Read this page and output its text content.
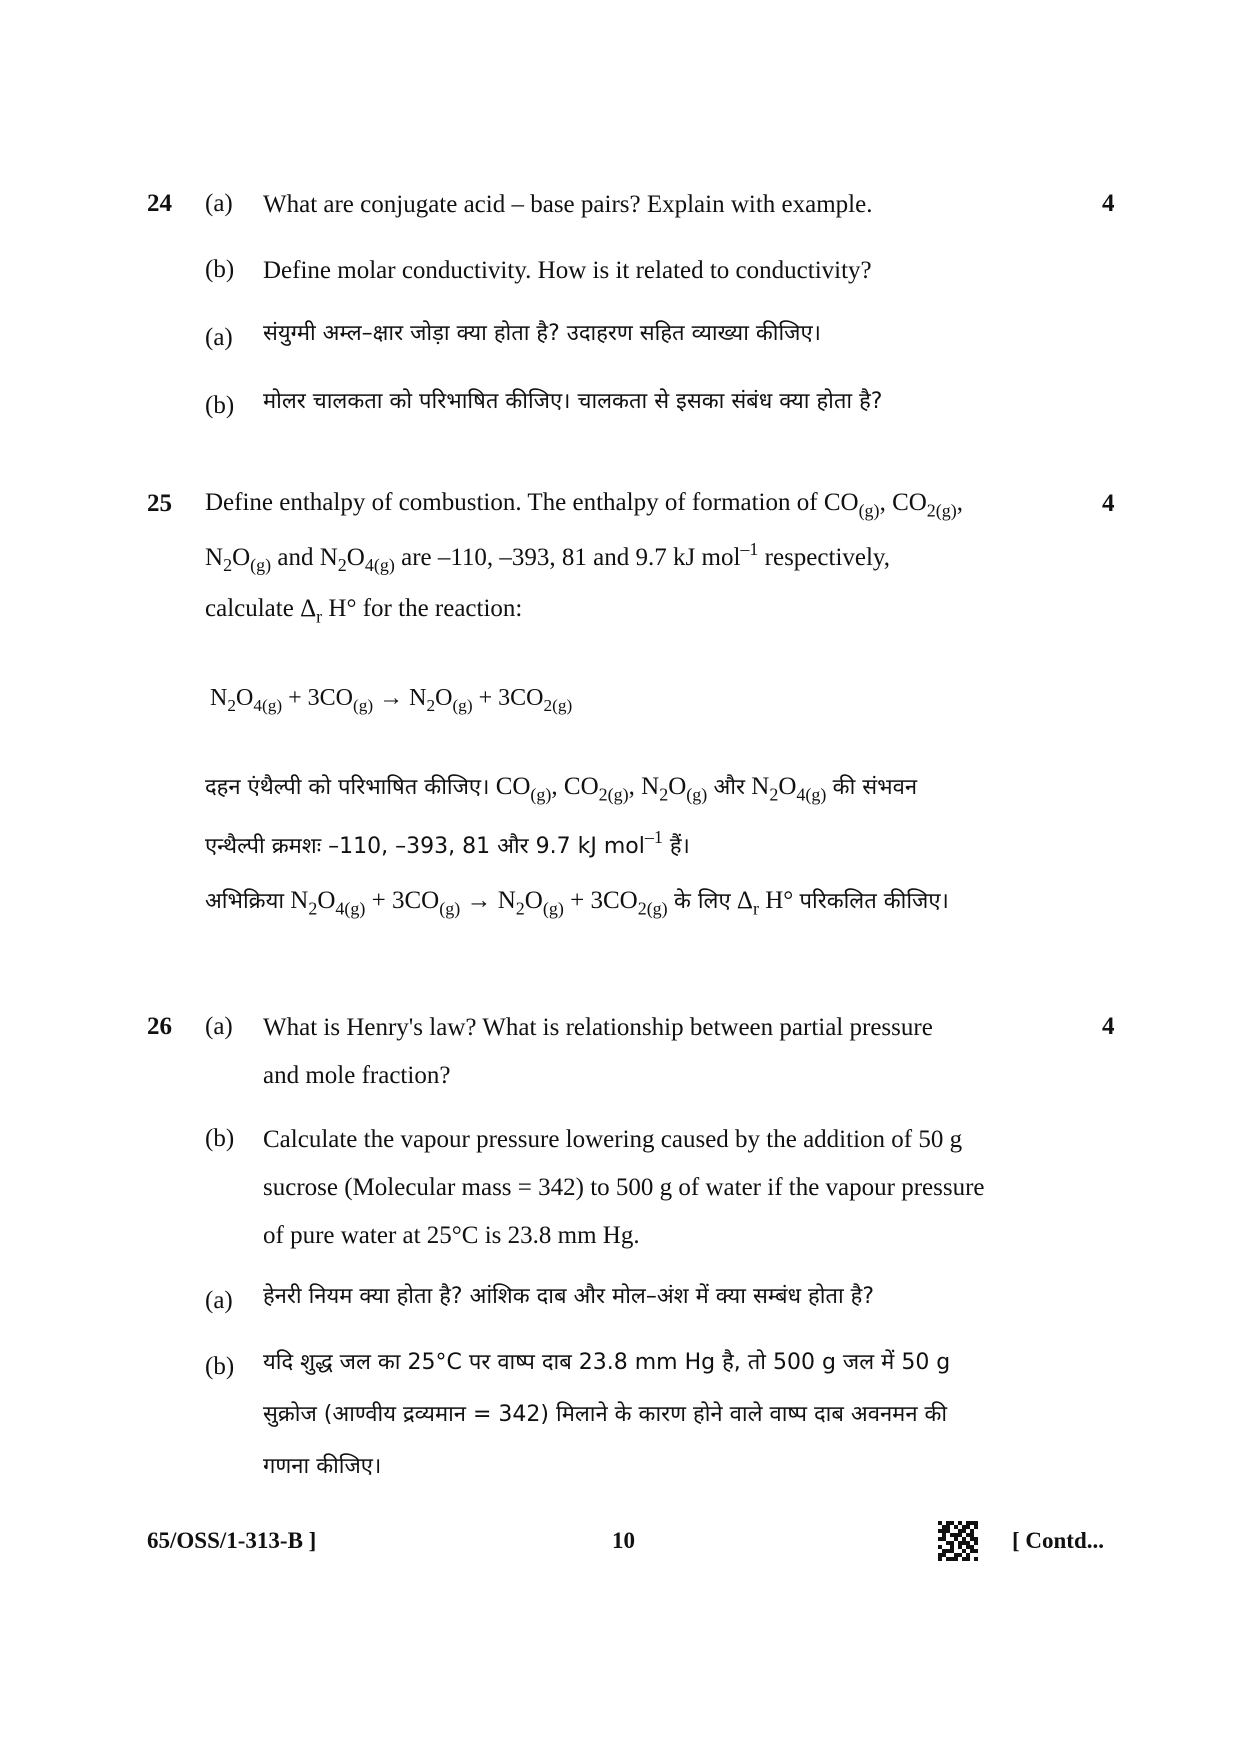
24 (a) What are conjugate acid – base pairs? Explain with example.	4
(b) Define molar conductivity. How is it related to conductivity?
(a) संयुग्मी अम्ल–क्षार जोड़ा क्या होता है? उदाहरण सहित व्याख्या कीजिए।
(b) मोलर चालकता को परिभाषित कीजिए। चालकता से इसका संबंध क्या होता है?
25	4
Define enthalpy of combustion. The enthalpy of formation of $CO_{(g)}$, $CO_{2(g)}$,
$N_2O_{(g)}$ and $N_2O_{4(g)}$ are –110, –393, 81 and 9.7 kJ mol$^{-1}$ respectively,
calculate $\Delta_r$ H° for the reaction:
$N_2O_{4(g)} + 3CO_{(g)} \to N_2O_{(g)} + 3CO_{2(g)}$
दहन एंथैल्पी को परिभाषित कीजिए। $CO_{(g)}$, $CO_{2(g)}$, $N_2O_{(g)}$ और $N_2O_{4(g)}$ की संभवन
एन्थैल्पी क्रमशः –110, –393, 81 और 9.7 kJ mol$^{-1}$ हैं।
अभिक्रिया $N_2O_{4(g)} + 3CO_{(g)} \to N_2O_{(g)} + 3CO_{2(g)}$ के लिए $\Delta_r$ H° परिकलित कीजिए।
26 (a) What is Henry's law? What is relationship between partial pressure
and mole fraction?
4
(b) Calculate the vapour pressure lowering caused by the addition of 50 g
sucrose (Molecular mass = 342) to 500 g of water if the vapour pressure
of pure water at 25°C is 23.8 mm Hg.
(a) हेनरी नियम क्या होता है? आंशिक दाब और मोल–अंश में क्या सम्बंध होता है?
(b) यदि शुद्ध जल का 25°C पर वाष्प दाब 23.8 mm Hg है, तो 500 g जल में 50 g
सुक्रोज (आण्वीय द्रव्यमान = 342) मिलाने के कारण होने वाले वाष्प दाब अवनमन की
गणना कीजिए।
65/OSS/1-313-B ]	10	[ Contd...
